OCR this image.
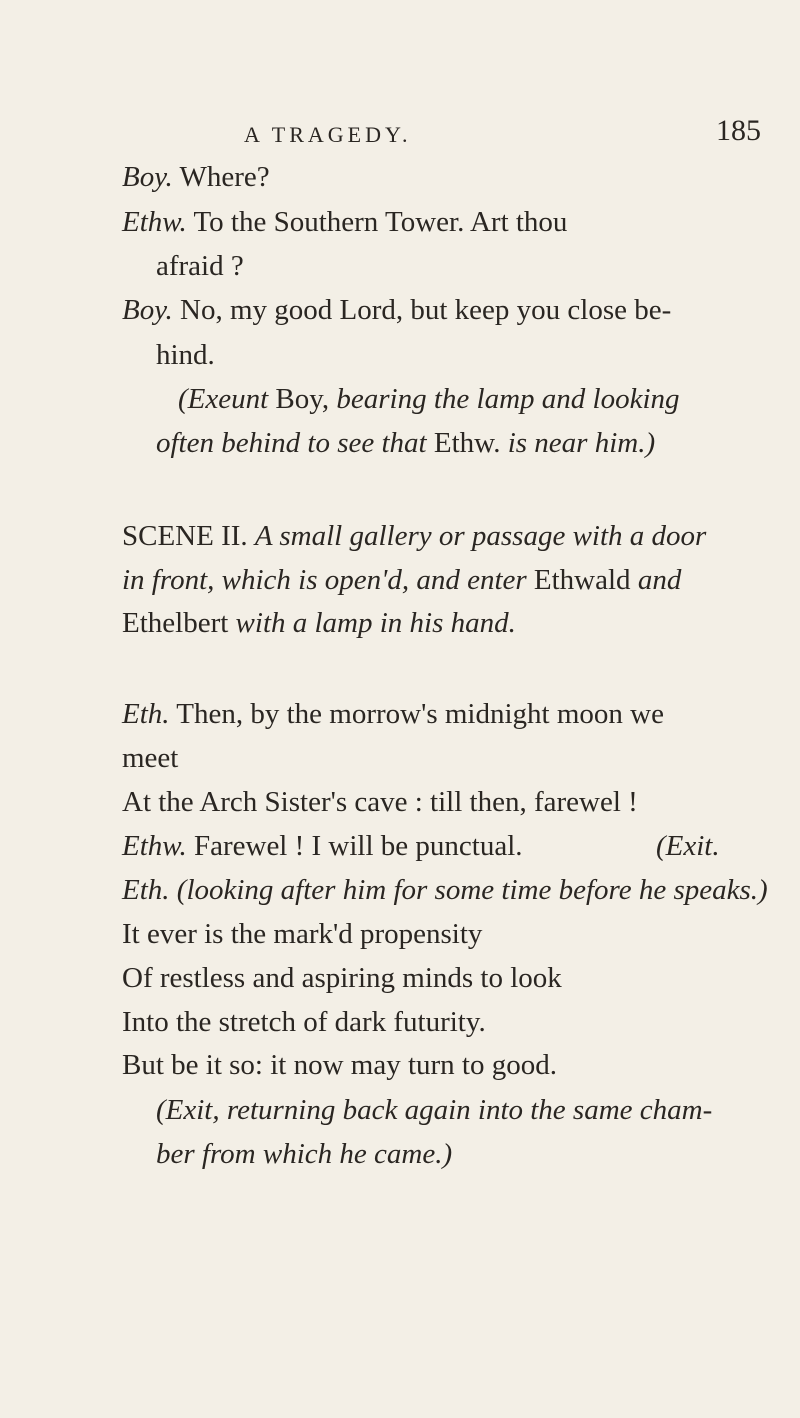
A TRAGEDY.	185
Boy. Where?
Ethw. To the Southern Tower. Art thou
afraid ?
Boy. No, my good Lord, but keep you close be-
hind.
(Exeunt Boy, bearing the lamp and looking
often behind to see that Ethw. is near him.)
SCENE II. A small gallery or passage with a door
in front, which is open'd, and enter Ethwald and
Ethelbert with a lamp in his hand.
Eth. Then, by the morrow's midnight moon we
meet
At the Arch Sister's cave : till then, farewel !
Ethw. Farewel ! I will be punctual.	(Exit.
Eth. (looking after him for some time before he speaks.)
It ever is the mark'd propensity
Of restless and aspiring minds to look
Into the stretch of dark futurity.
But be it so: it now may turn to good.
(Exit, returning back again into the same cham-
ber from which he came.)
